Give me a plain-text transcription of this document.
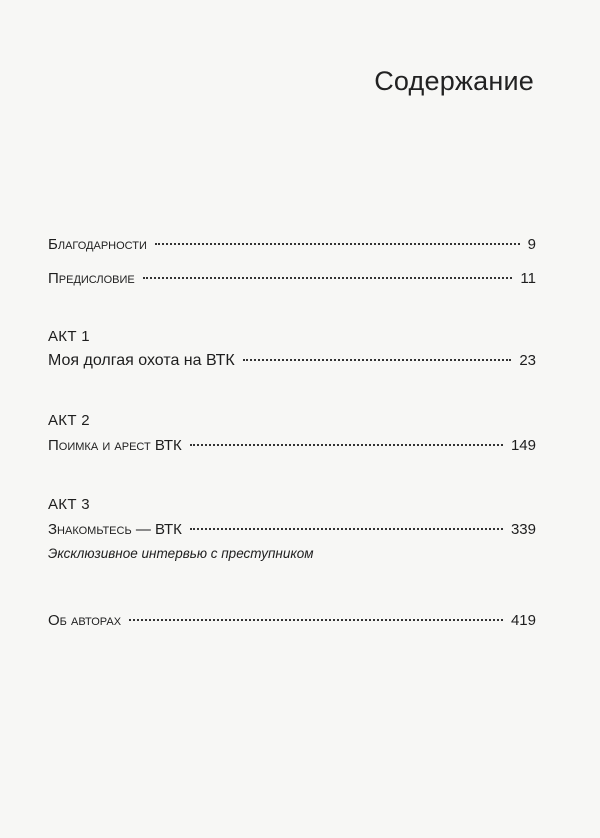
Содержание
Благодарности	9
Предисловие	11
АКТ 1
Моя долгая охота на ВТК	23
АКТ 2
Поимка и арест ВТК	149
АКТ 3
Знакомьтесь — ВТК	339
Эксклюзивное интервью с преступником
Об авторах	419
